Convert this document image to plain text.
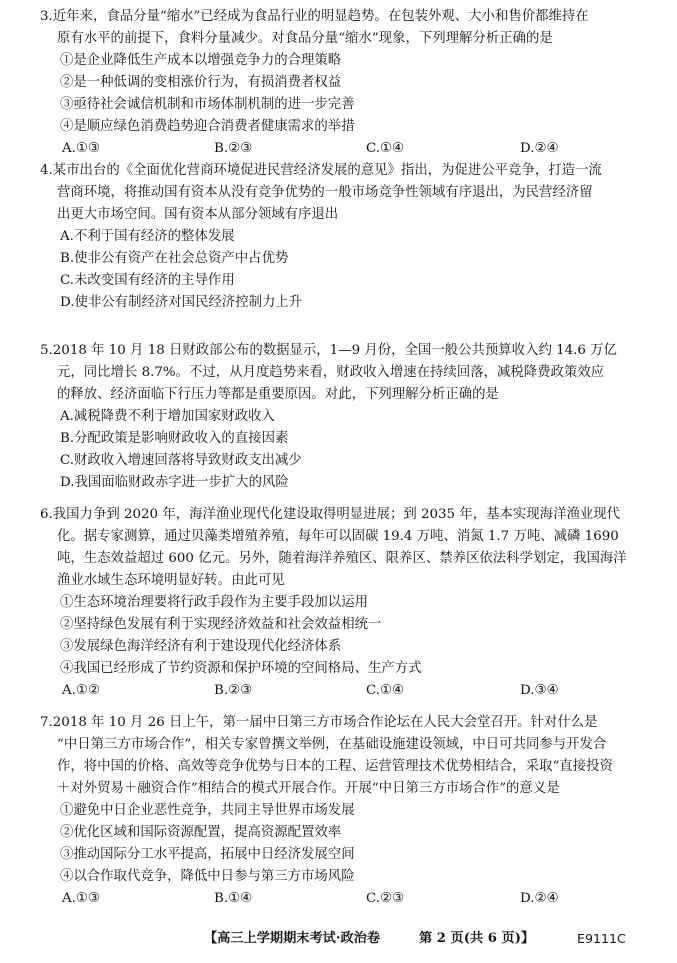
3.近年来，食品分量“缩水”已经成为食品行业的明显趋势。在包装外观、大小和售价都维持在
原有水平的前提下，食料分量减少。对食品分量“缩水”现象，下列理解分析正确的是
①是企业降低生产成本以增强竞争力的合理策略
②是一种低调的变相涨价行为，有损消费者权益
③亟待社会诚信机制和市场体制机制的进一步完善
④是顺应绿色消费趋势迎合消费者健康需求的举措
A.①③	B.②③	C.①④	D.②④
4.某市出台的《全面优化营商环境促进民营经济发展的意见》指出，为促进公平竞争，打造一流
营商环境，将推动国有资本从没有竞争优势的一般市场竞争性领域有序退出，为民营经济留
出更大市场空间。国有资本从部分领域有序退出
A.不利于国有经济的整体发展
B.使非公有资产在社会总资产中占优势
C.未改变国有经济的主导作用
D.使非公有制经济对国民经济控制力上升
5.2018 年 10 月 18 日财政部公布的数据显示，1—9 月份，全国一般公共预算收入约 14.6 万亿
元，同比增长 8.7%。不过，从月度趋势来看，财政收入增速在持续回落，减税降费政策效应
的释放、经济面临下行压力等都是重要原因。对此，下列理解分析正确的是
A.减税降费不利于增加国家财政收入
B.分配政策是影响财政收入的直接因素
C.财政收入增速回落将导致财政支出减少
D.我国面临财政赤字进一步扩大的风险
6.我国力争到 2020 年，海洋渔业现代化建设取得明显进展；到 2035 年，基本实现海洋渔业现代
化。据专家测算，通过贝藻类增殖养殖，每年可以固碳 19.4 万吨、消氮 1.7 万吨、减磷 1690
吨，生态效益超过 600 亿元。另外，随着海洋养殖区、限养区、禁养区依法科学划定，我国海洋
渔业水域生态环境明显好转。由此可见
①生态环境治理要将行政手段作为主要手段加以运用
②坚持绿色发展有利于实现经济效益和社会效益相统一
③发展绿色海洋经济有利于建设现代化经济体系
④我国已经形成了节约资源和保护环境的空间格局、生产方式
A.①②	B.②③	C.①④	D.③④
7.2018 年 10 月 26 日上午，第一届中日第三方市场合作论坛在人民大会堂召开。针对什么是
“中日第三方市场合作”，相关专家曾撰文举例，在基础设施建设领域，中日可共同参与开发合
作，将中国的价格、高效等竞争优势与日本的工程、运营管理技术优势相结合，采取“直接投资
＋对外贸易＋融资合作”相结合的模式开展合作。开展“中日第三方市场合作”的意义是
①避免中日企业恶性竞争，共同主导世界市场发展
②优化区域和国际资源配置，提高资源配置效率
③推动国际分工水平提高，拓展中日经济发展空间
④以合作取代竞争，降低中日参与第三方市场风险
A.①③	B.①④	C.②③	D.②④
【高三上学期期末考试·政治卷	第 2 页(共 6 页)】	E9111C
